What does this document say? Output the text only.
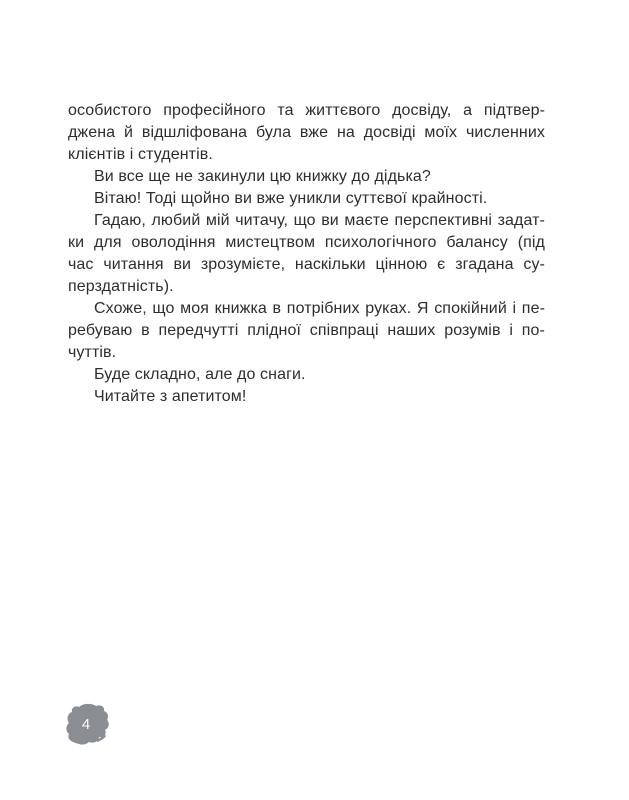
особистого професійного та життєвого досвіду, а підтвер-
джена й відшліфована була вже на досвіді моїх численних
клієнтів і студентів.
Ви все ще не закинули цю книжку до дідька?
Вітаю! Тоді щойно ви вже уникли суттєвої крайності.
Гадаю, любий мій читачу, що ви маєте перспективні задат-
ки для оволодіння мистецтвом психологічного балансу (під
час читання ви зрозумієте, наскільки цінною є згадана су-
перздатність).
Схоже, що моя книжка в потрібних руках. Я спокійний і пе-
ребуваю в передчутті плідної співпраці наших розумів і по-
чуттів.
Буде складно, але до снаги.
Читайте з апетитом!
4
